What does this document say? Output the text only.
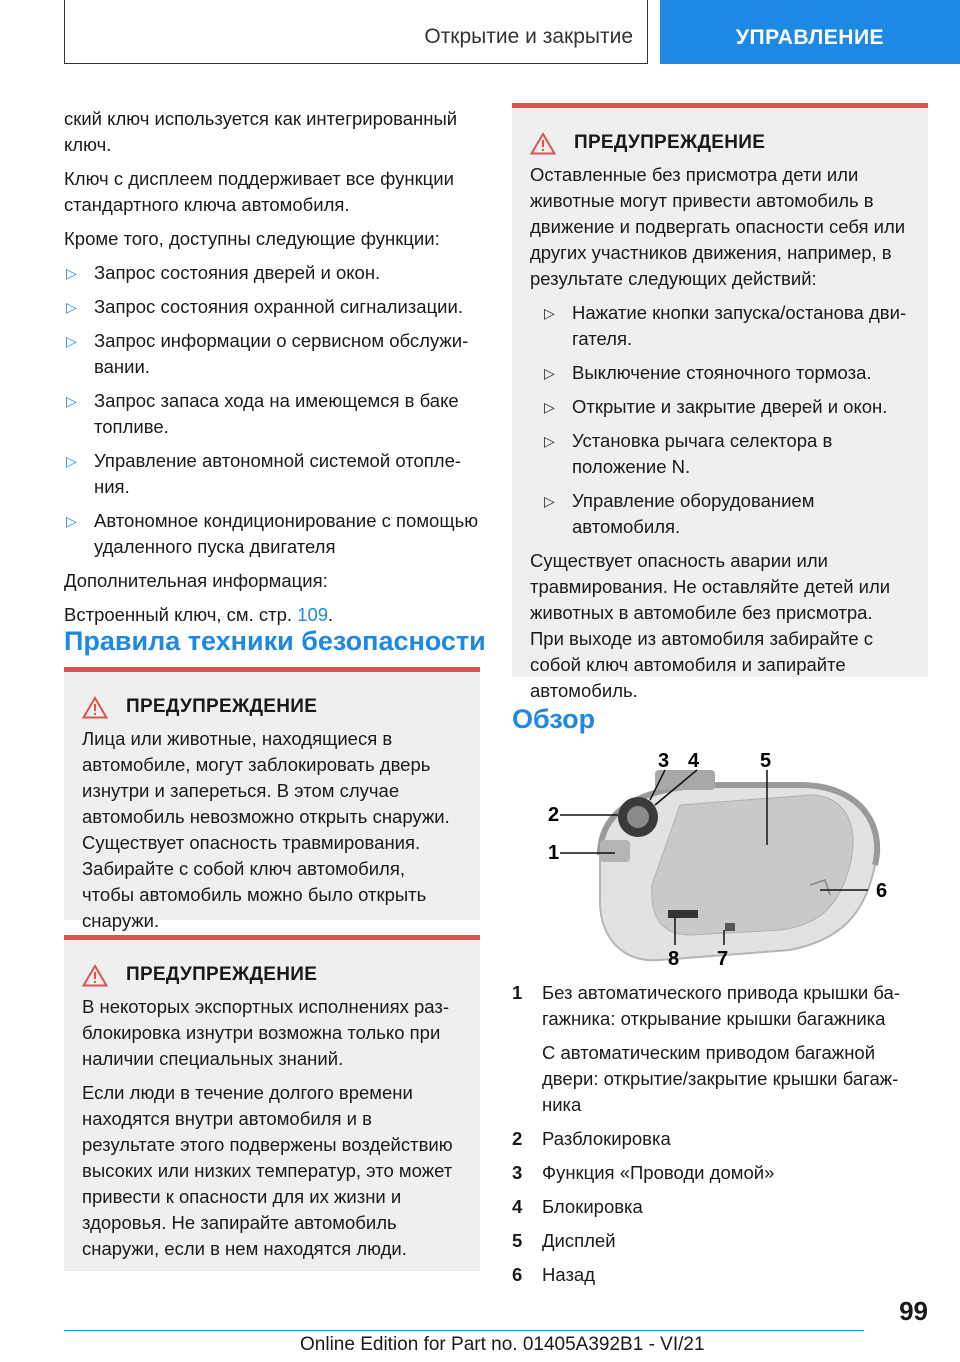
Открытие и закрытие	УПРАВЛЕНИЕ

ский ключ используется как интегрированный ключ.

Ключ с дисплеем поддерживает все функции стандартного ключа автомобиля.

Кроме того, доступны следующие функции:

▷ Запрос состояния дверей и окон.
▷ Запрос состояния охранной сигнализации.
▷ Запрос информации о сервисном обслуживании.
▷ Запрос запаса хода на имеющемся в баке топливе.
▷ Управление автономной системой отопления.
▷ Автономное кондиционирование с помощью удаленного пуска двигателя

Дополнительная информация:

Встроенный ключ, см. стр. 109.

Правила техники безопасности
ПРЕДУПРЕЖДЕНИЕ

Лица или животные, находящиеся в автомобиле, могут заблокировать дверь изнутри и запереться. В этом случае автомобиль невозможно открыть снаружи. Существует опасность травмирования. Забирайте с собой ключ автомобиля, чтобы автомобиль можно было открыть снаружи.

ПРЕДУПРЕЖДЕНИЕ

В некоторых экспортных исполнениях разблокировка изнутри возможна только при наличии специальных знаний.

Если люди в течение долгого времени находятся внутри автомобиля и в результате этого подвержены воздействию высоких или низких температур, это может привести к опасности для их жизни и здоровья. Не запирайте автомобиль снаружи, если в нем находятся люди.

ПРЕДУПРЕЖДЕНИЕ

Оставленные без присмотра дети или животные могут привести автомобиль в движение и подвергать опасности себя или других участников движения, например, в результате следующих действий:

▷ Нажатие кнопки запуска/останова двигателя.
▷ Выключение стояночного тормоза.
▷ Открытие и закрытие дверей и окон.
▷ Установка рычага селектора в положение N.
▷ Управление оборудованием автомобиля.

Существует опасность аварии или травмирования. Не оставляйте детей или животных в автомобиле без присмотра. При выходе из автомобиля забирайте с собой ключ автомобиля и запирайте автомобиль.

Обзор
1
2
3 4	5
6
7
8
1	Без автоматического привода крышки багажника: открывание крышки багажника
С автоматическим приводом багажной двери: открытие/закрытие крышки багажника
2	Разблокировка
3	Функция «Проводи домой»
4	Блокировка
5	Дисплей
6	Назад
99
Online Edition for Part no. 01405A392B1 - VI/21
